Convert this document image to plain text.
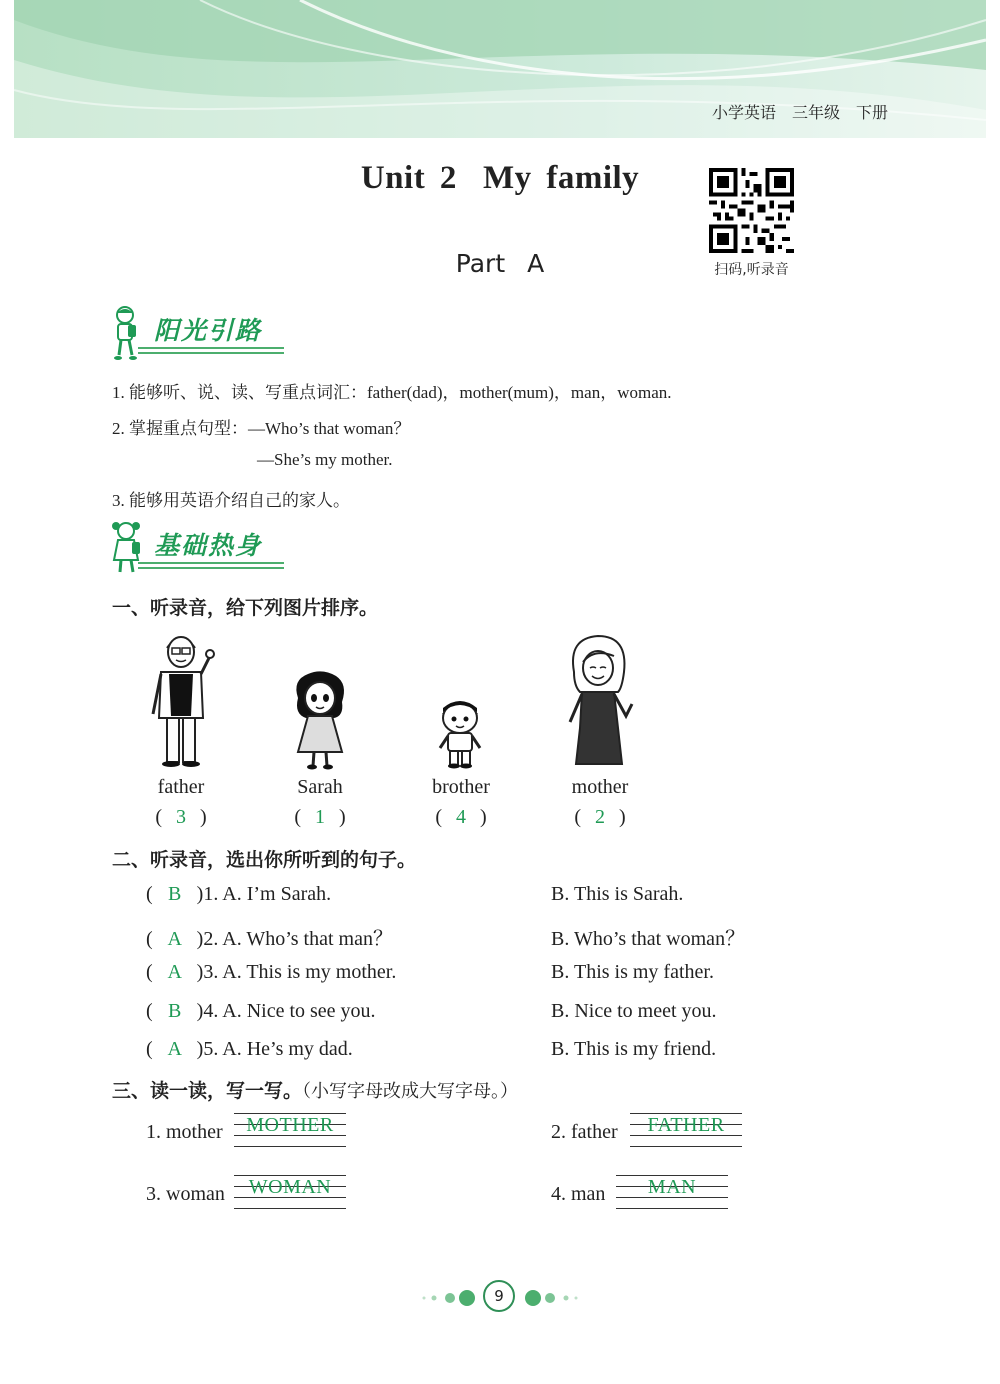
小学英语 三年级 下册
Unit 2 My family
Part A	扫码,听录音
阳光引路
1. 能够听、说、读、写重点词汇：father(dad)，mother(mum)，man，woman.
2. 掌握重点句型：—Who’s that woman？
—She’s my mother.
3. 能够用英语介绍自己的家人。
基础热身
一、听录音，给下列图片排序。
father	Sarah	brother	mother
( 3 )	( 1 )	( 4 )	( 2 )
二、听录音，选出你所听到的句子。
( B )1. A. I’m Sarah.	B. This is Sarah.
( A )2. A. Who’s that man？	B. Who’s that woman？
( A )3. A. This is my mother.	B. This is my father.
( B )4. A. Nice to see you.	B. Nice to meet you.
( A )5. A. He’s my dad.	B. This is my friend.
三、读一读，写一写。（小写字母改成大写字母。）
1. mother	MOTHER	2. father	FATHER
3. woman	WOMAN	4. man	MAN
9
